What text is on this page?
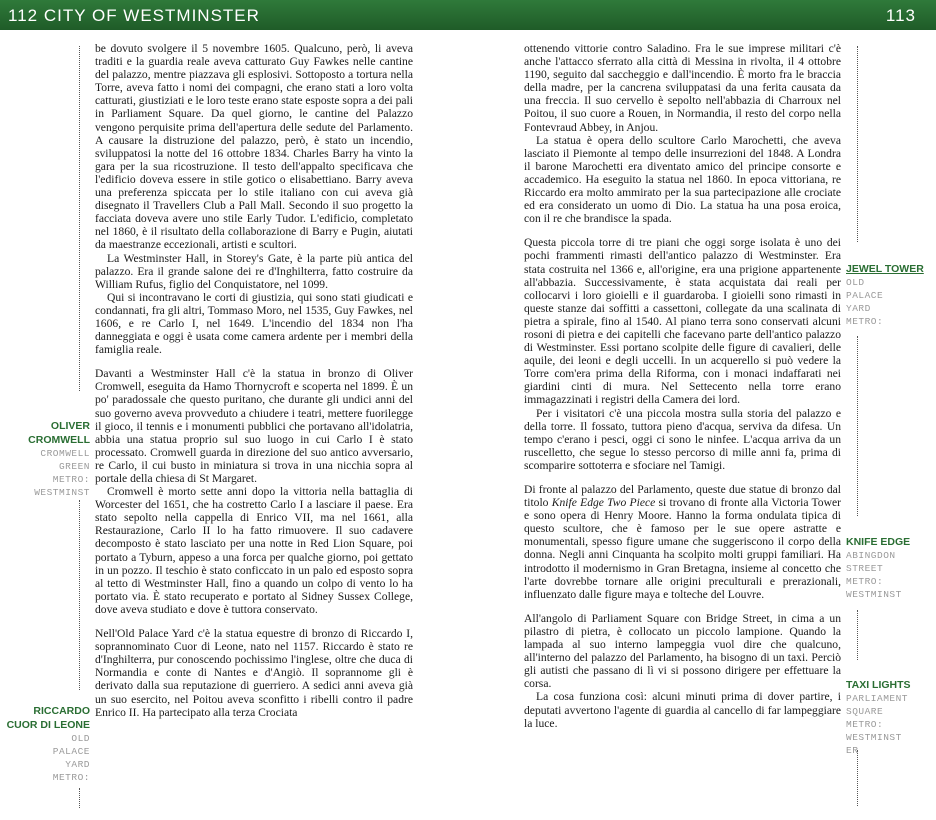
112 CITY OF WESTMINSTER	113

be dovuto svolgere il 5 novembre 1605. Qualcuno, però, li aveva traditi e la guardia reale aveva catturato Guy Fawkes nelle cantine del palazzo, mentre piazzava gli esplosivi. Sottoposto a tortura nella Torre, aveva fatto i nomi dei compagni, che erano stati a loro volta catturati, giustiziati e le loro teste erano state esposte sopra a dei pali in Parliament Square. Da quel giorno, le cantine del Palazzo vengono perquisite prima dell'apertura delle sedute del Parlamento. A causare la distruzione del palazzo, però, è stato un incendio, sviluppatosi la notte del 16 ottobre 1834. Charles Barry ha vinto la gara per la sua ricostruzione. Il testo dell'appalto specificava che l'edificio doveva essere in stile gotico o elisabettiano. Barry aveva una preferenza spiccata per lo stile italiano con cui aveva già disegnato il Travellers Club a Pall Mall. Secondo il suo progetto la facciata doveva avere uno stile Early Tudor. L'edificio, completato nel 1860, è il risultato della collaborazione di Barry e Pugin, aiutati da maestranze eccezionali, artisti e scultori.

La Westminster Hall, in Storey's Gate, è la parte più antica del palazzo. Era il grande salone dei re d'Inghilterra, fatto costruire da William Rufus, figlio del Conquistatore, nel 1099.

Qui si incontravano le corti di giustizia, qui sono stati giudicati e condannati, fra gli altri, Tommaso Moro, nel 1535, Guy Fawkes, nel 1606, e re Carlo I, nel 1649. L'incendio del 1834 non l'ha danneggiata e oggi è usata come camera ardente per i membri della famiglia reale.

Davanti a Westminster Hall c'è la statua in bronzo di Oliver Cromwell, eseguita da Hamo Thornycroft e scoperta nel 1899. È un po' paradossale che questo puritano, che durante gli undici anni del suo governo aveva provveduto a chiudere i teatri, mettere fuorilegge il gioco, il tennis e i monumenti pubblici che portavano all'idolatria, abbia una statua proprio sul suo luogo in cui Carlo I è stato processato. Cromwell guarda in direzione del suo antico avversario, re Carlo, il cui busto in miniatura si trova in una nicchia sopra al portale della chiesa di St Margaret.

Cromwell è morto sette anni dopo la vittoria nella battaglia di Worcester del 1651, che ha costretto Carlo I a lasciare il paese. Era stato sepolto nella cappella di Enrico VII, ma nel 1661, alla Restaurazione, Carlo II lo ha fatto rimuovere. Il suo cadavere decomposto è stato lasciato per una notte in Red Lion Square, poi portato a Tyburn, appeso a una forca per qualche giorno, poi gettato in un pozzo. Il teschio è stato conficcato in un palo ed esposto sopra al tetto di Westminster Hall, fino a quando un colpo di vento lo ha portato via. È stato recuperato e portato al Sidney Sussex College, dove aveva studiato e dove è tuttora conservato.

Nell'Old Palace Yard c'è la statua equestre di bronzo di Riccardo I, soprannominato Cuor di Leone, nato nel 1157. Riccardo è stato re d'Inghilterra, pur conoscendo pochissimo l'inglese, oltre che duca di Normandia e conte di Nantes e d'Angiò. Il soprannome gli è derivato dalla sua reputazione di guerriero. A sedici anni aveva già un suo esercito, nel Poitou aveva sconfitto i ribelli contro il padre Enrico II. Ha partecipato alla terza Crociata

OLIVER
CROMWELL
CROMWELL
GREEN
METRO:
WESTMINST
RICCARDO
CUOR DI LEONE
OLD
PALACE
YARD
METRO:

ottenendo vittorie contro Saladino. Fra le sue imprese militari c'è anche l'attacco sferrato alla città di Messina in rivolta, il 4 ottobre 1190, seguito dal saccheggio e dall'incendio. È morto fra le braccia della madre, per la cancrena sviluppatasi da una ferita causata da una freccia. Il suo cervello è sepolto nell'abbazia di Charroux nel Poitou, il suo cuore a Rouen, in Normandia, il resto del corpo nella Fontevraud Abbey, in Anjou.

La statua è opera dello scultore Carlo Marochetti, che aveva lasciato il Piemonte al tempo delle insurrezioni del 1848. A Londra il barone Marochetti era diventato amico del principe consorte e accademico. Ha eseguito la statua nel 1860. In epoca vittoriana, re Riccardo era molto ammirato per la sua partecipazione alle crociate ed era considerato un uomo di Dio. La statua ha una posa eroica, con il re che brandisce la spada.

Questa piccola torre di tre piani che oggi sorge isolata è uno dei pochi frammenti rimasti dell'antico palazzo di Westminster. Era stata costruita nel 1366 e, all'origine, era una prigione appartenente all'abbazia. Successivamente, è stata acquistata dai reali per collocarvi i loro gioielli e il guardaroba. I gioielli sono rimasti in queste stanze dai soffitti a cassettoni, collegate da una scalinata di pietra a spirale, fino al 1540. Al piano terra sono conservati alcuni rosoni di pietra e dei capitelli che facevano parte dell'antico palazzo di Westminster. Essi portano scolpite delle figure di cavalieri, delle aquile, dei leoni e degli uccelli. In un acquerello si può vedere la Torre com'era prima della Riforma, con i monaci indaffarati nei giardini cinti di mura. Nel Settecento nella torre erano immagazzinati i registri della Camera dei lord.

Per i visitatori c'è una piccola mostra sulla storia del palazzo e della torre. Il fossato, tuttora pieno d'acqua, serviva da difesa. Un tempo c'erano i pesci, oggi ci sono le ninfee. L'acqua arriva da un ruscelletto, che segue lo stesso percorso di mille anni fa, prima di scomparire sottoterra e sfociare nel Tamigi.

Di fronte al palazzo del Parlamento, queste due statue di bronzo dal titolo Knife Edge Two Piece si trovano di fronte alla Victoria Tower e sono opera di Henry Moore. Hanno la forma ondulata tipica di questo scultore, che è famoso per le sue opere astratte e monumentali, spesso figure umane che suggeriscono il corpo della donna. Negli anni Cinquanta ha scolpito molti gruppi familiari. Ha introdotto il modernismo in Gran Bretagna, insieme al concetto che l'arte dovrebbe tornare alle origini preculturali e prerazionali, influenzato dalle figure maya e tolteche del Louvre.

All'angolo di Parliament Square con Bridge Street, in cima a un pilastro di pietra, è collocato un piccolo lampione. Quando la lampada al suo interno lampeggia vuol dire che qualcuno, all'interno del palazzo del Parlamento, ha bisogno di un taxi. Perciò gli autisti che passano di lì vi si possono dirigere per effettuare la corsa.

La cosa funziona così: alcuni minuti prima di dover partire, i deputati avvertono l'agente di guardia al cancello di far lampeggiare la luce.

JEWEL TOWER
OLD
PALACE
YARD
METRO:
KNIFE EDGE
ABINGDON
STREET
METRO:
WESTMINST
TAXI LIGHTS
PARLIAMENT
SQUARE
METRO:
WESTMINST
ER
